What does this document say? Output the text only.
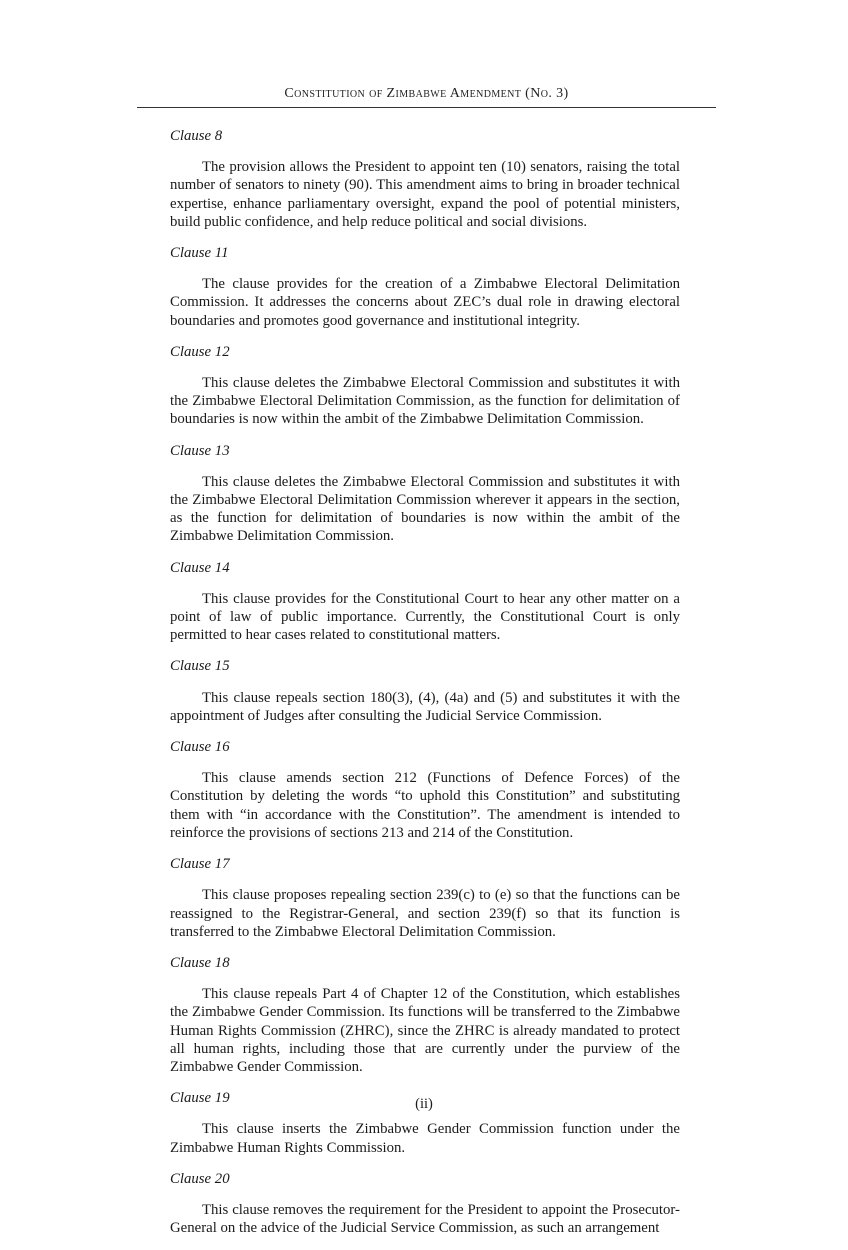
Constitution of Zimbabwe Amendment (No. 3)

Clause 8

The provision allows the President to appoint ten (10) senators, raising the total number of senators to ninety (90). This amendment aims to bring in broader technical expertise, enhance parliamentary oversight, expand the pool of potential ministers, build public confidence, and help reduce political and social divisions.

Clause 11

The clause provides for the creation of a Zimbabwe Electoral Delimitation Commission. It addresses the concerns about ZEC’s dual role in drawing electoral boundaries and promotes good governance and institutional integrity.

Clause 12

This clause deletes the Zimbabwe Electoral Commission and substitutes it with the Zimbabwe Electoral Delimitation Commission, as the function for delimitation of boundaries is now within the ambit of the Zimbabwe Delimitation Commission.

Clause 13

This clause deletes the Zimbabwe Electoral Commission and substitutes it with the Zimbabwe Electoral Delimitation Commission wherever it appears in the section, as the function for delimitation of boundaries is now within the ambit of the Zimbabwe Delimitation Commission.

Clause 14

This clause provides for the Constitutional Court to hear any other matter on a point of law of public importance. Currently, the Constitutional Court is only permitted to hear cases related to constitutional matters.

Clause 15

This clause repeals section 180(3), (4), (4a) and (5) and substitutes it with the appointment of Judges after consulting the Judicial Service Commission.

Clause 16

This clause amends section 212 (Functions of Defence Forces) of the Constitution by deleting the words “to uphold this Constitution” and substituting them with “in accordance with the Constitution”. The amendment is intended to reinforce the provisions of sections 213 and 214 of the Constitution.

Clause 17

This clause proposes repealing section 239(c) to (e) so that the functions can be reassigned to the Registrar-General, and section 239(f) so that its function is transferred to the Zimbabwe Electoral Delimitation Commission.

Clause 18

This clause repeals Part 4 of Chapter 12 of the Constitution, which establishes the Zimbabwe Gender Commission. Its functions will be transferred to the Zimbabwe Human Rights Commission (ZHRC), since the ZHRC is already mandated to protect all human rights, including those that are currently under the purview of the Zimbabwe Gender Commission.

Clause 19

This clause inserts the Zimbabwe Gender Commission function under the Zimbabwe Human Rights Commission.

Clause 20

This clause removes the requirement for the President to appoint the Prosecutor-General on the advice of the Judicial Service Commission, as such an arrangement

(ii)
